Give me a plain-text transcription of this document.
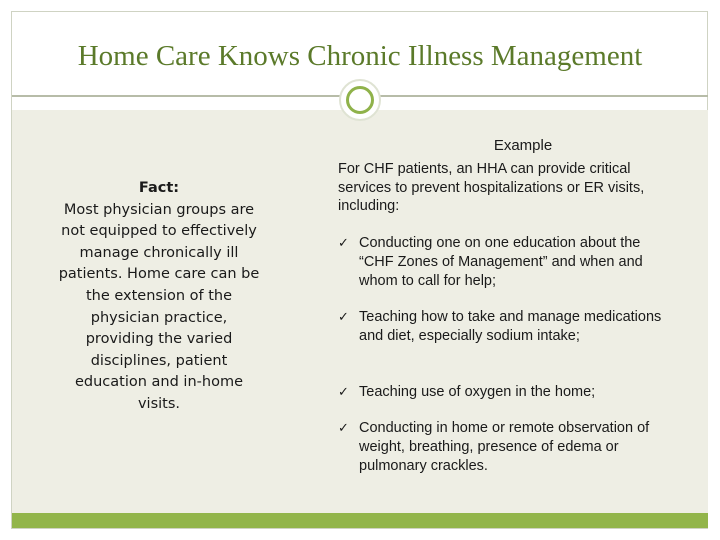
Home Care Knows Chronic Illness Management
Fact:
Most physician groups are not equipped to effectively manage chronically ill patients. Home care can be the extension of the physician practice, providing the varied disciplines, patient education and in-home visits.
Example
For CHF patients, an HHA can provide critical services to prevent hospitalizations or ER visits, including:
✓ Conducting one on one education about the “CHF Zones of Management” and when and whom to call for help;
✓ Teaching how to take and manage medications and diet, especially sodium intake;
✓ Teaching use of oxygen in the home;
✓ Conducting in home or remote observation of weight, breathing, presence of edema or pulmonary crackles.
